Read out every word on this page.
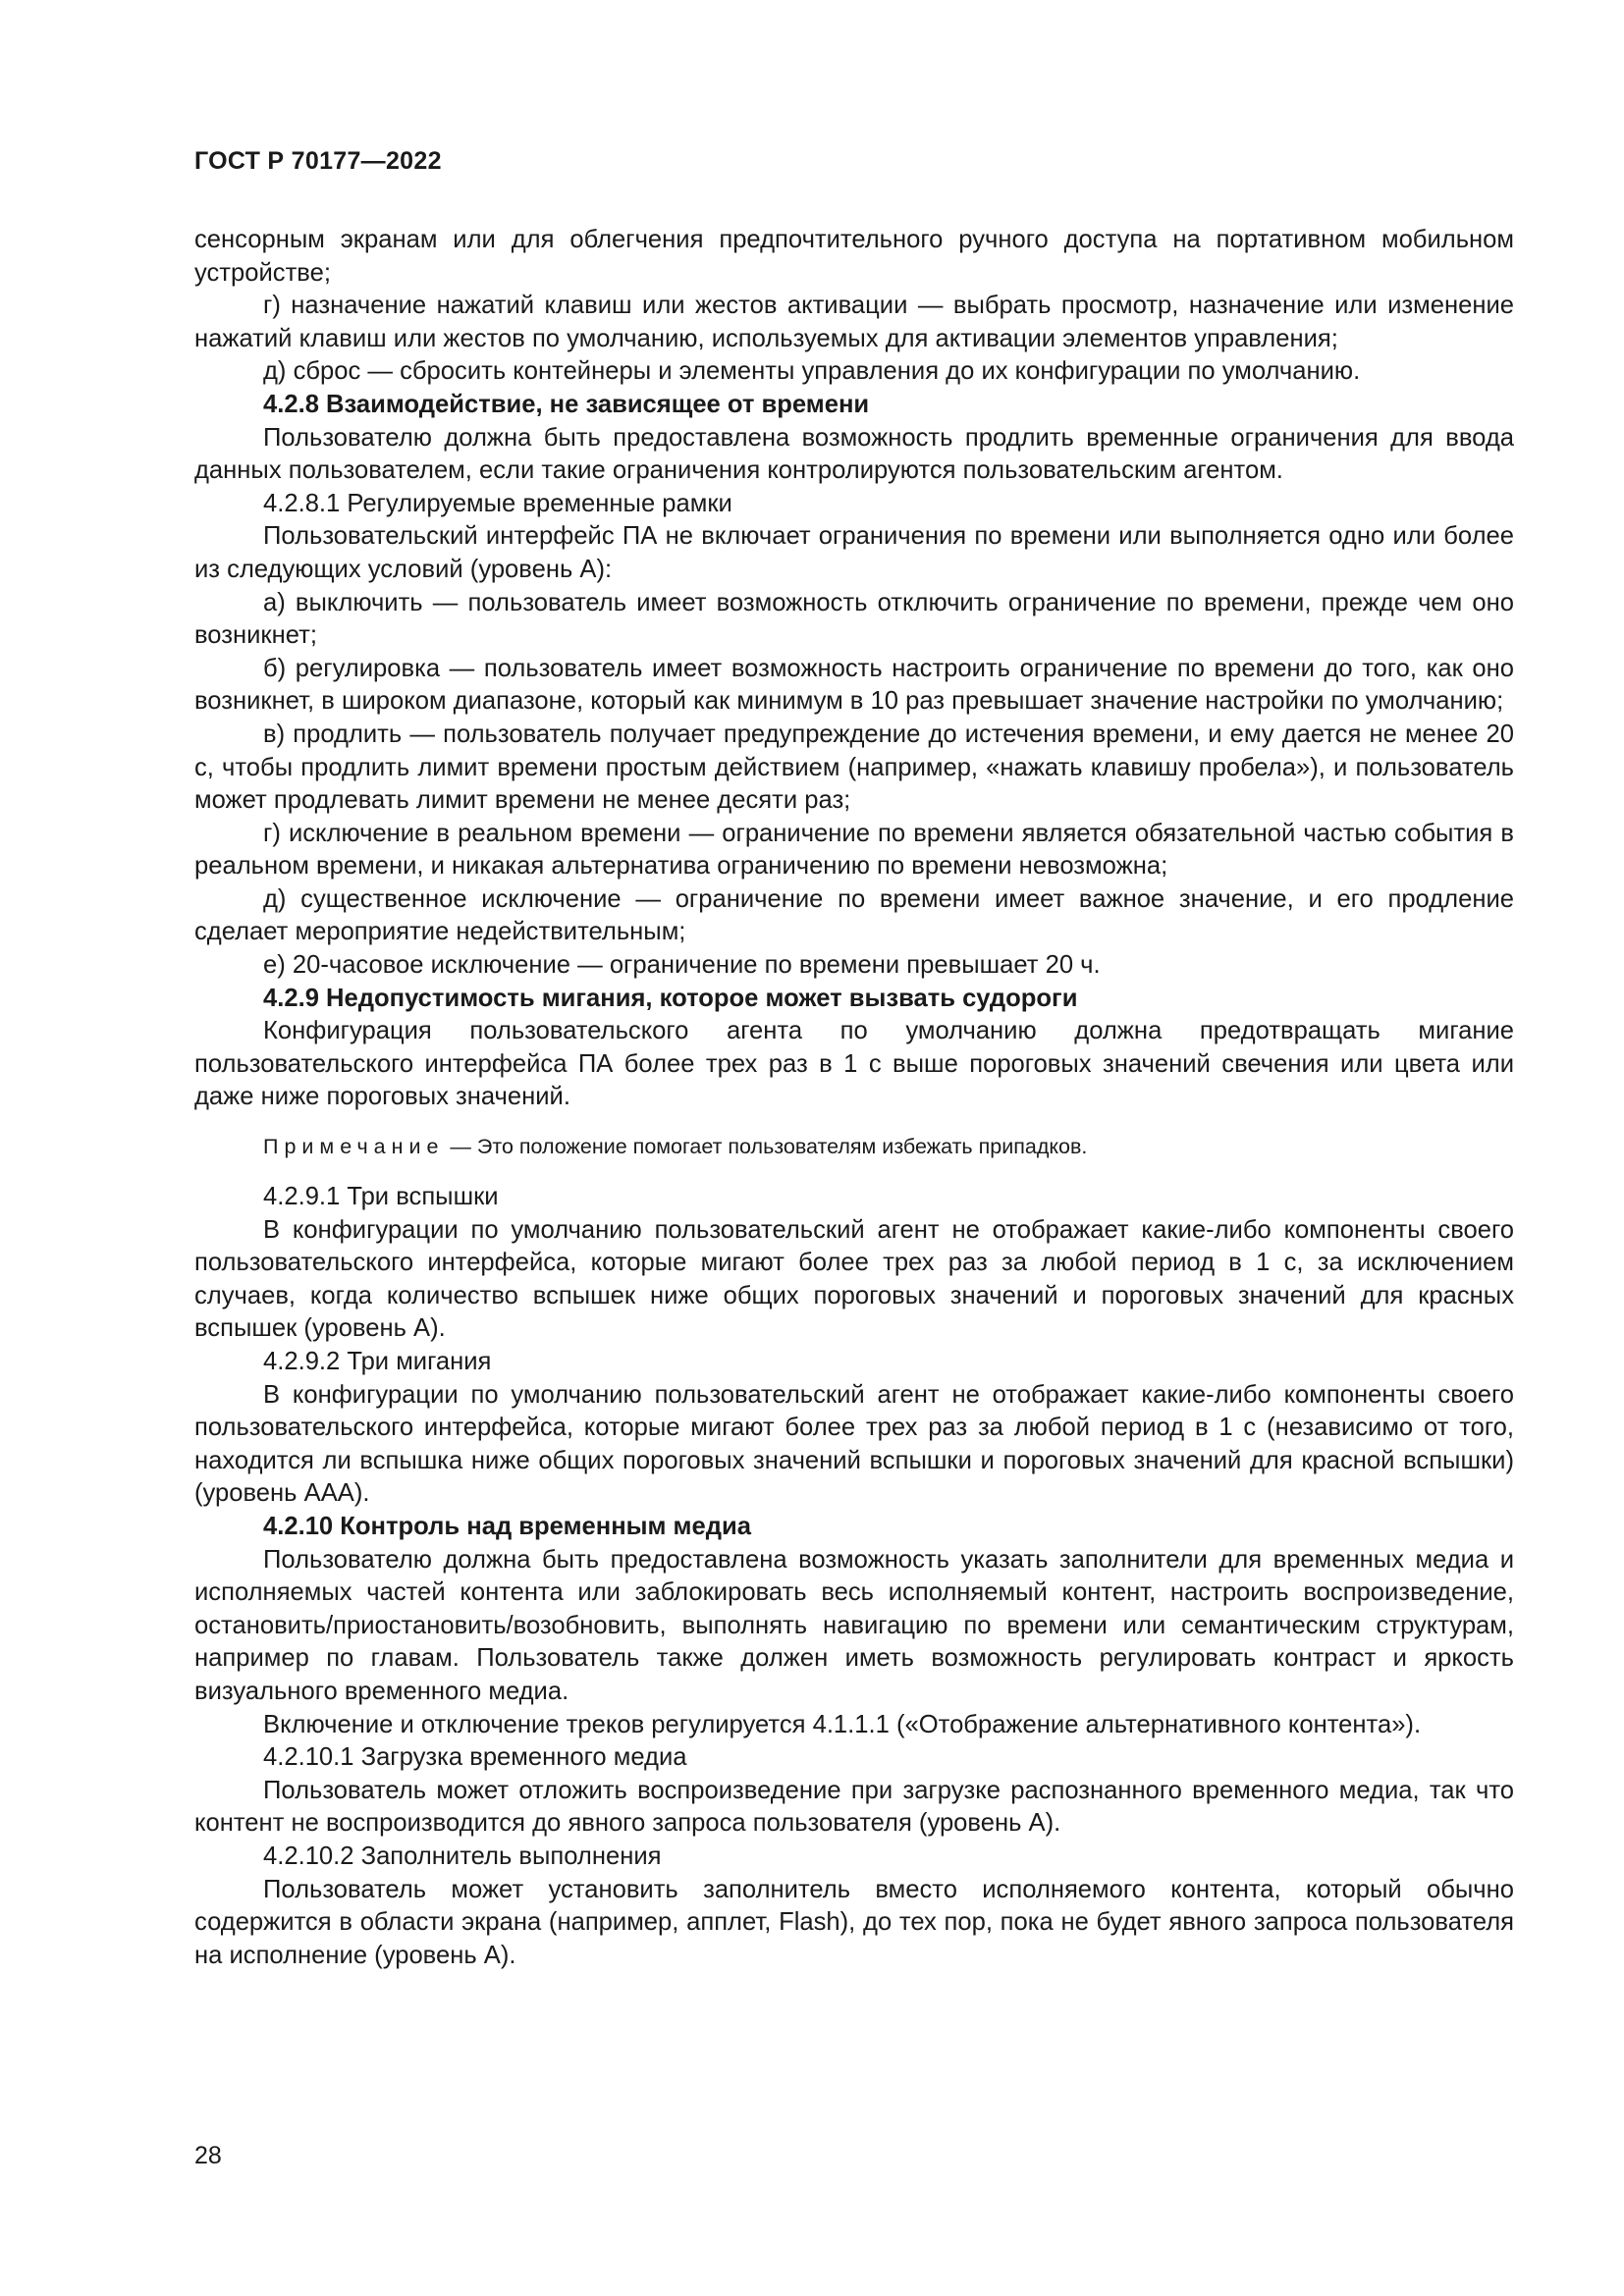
ГОСТ Р 70177—2022

сенсорным экранам или для облегчения предпочтительного ручного доступа на портативном мобильном устройстве;

г) назначение нажатий клавиш или жестов активации — выбрать просмотр, назначение или изменение нажатий клавиш или жестов по умолчанию, используемых для активации элементов управления;

д) сброс — сбросить контейнеры и элементы управления до их конфигурации по умолчанию.

4.2.8 Взаимодействие, не зависящее от времени

Пользователю должна быть предоставлена возможность продлить временные ограничения для ввода данных пользователем, если такие ограничения контролируются пользовательским агентом.

4.2.8.1 Регулируемые временные рамки

Пользовательский интерфейс ПА не включает ограничения по времени или выполняется одно или более из следующих условий (уровень А):

а) выключить — пользователь имеет возможность отключить ограничение по времени, прежде чем оно возникнет;

б) регулировка — пользователь имеет возможность настроить ограничение по времени до того, как оно возникнет, в широком диапазоне, который как минимум в 10 раз превышает значение настройки по умолчанию;

в) продлить — пользователь получает предупреждение до истечения времени, и ему дается не менее 20 с, чтобы продлить лимит времени простым действием (например, «нажать клавишу пробела»), и пользователь может продлевать лимит времени не менее десяти раз;

г) исключение в реальном времени — ограничение по времени является обязательной частью события в реальном времени, и никакая альтернатива ограничению по времени невозможна;

д) существенное исключение — ограничение по времени имеет важное значение, и его продление сделает мероприятие недействительным;

е) 20-часовое исключение — ограничение по времени превышает 20 ч.

4.2.9 Недопустимость мигания, которое может вызвать судороги

Конфигурация пользовательского агента по умолчанию должна предотвращать мигание пользовательского интерфейса ПА более трех раз в 1 с выше пороговых значений свечения или цвета или даже ниже пороговых значений.

Примечание — Это положение помогает пользователям избежать припадков.

4.2.9.1 Три вспышки

В конфигурации по умолчанию пользовательский агент не отображает какие-либо компоненты своего пользовательского интерфейса, которые мигают более трех раз за любой период в 1 с, за исключением случаев, когда количество вспышек ниже общих пороговых значений и пороговых значений для красных вспышек (уровень А).

4.2.9.2 Три мигания

В конфигурации по умолчанию пользовательский агент не отображает какие-либо компоненты своего пользовательского интерфейса, которые мигают более трех раз за любой период в 1 с (независимо от того, находится ли вспышка ниже общих пороговых значений вспышки и пороговых значений для красной вспышки) (уровень ААА).

4.2.10 Контроль над временным медиа

Пользователю должна быть предоставлена возможность указать заполнители для временных медиа и исполняемых частей контента или заблокировать весь исполняемый контент, настроить воспроизведение, остановить/приостановить/возобновить, выполнять навигацию по времени или семантическим структурам, например по главам. Пользователь также должен иметь возможность регулировать контраст и яркость визуального временного медиа.

Включение и отключение треков регулируется 4.1.1.1 («Отображение альтернативного контента»).

4.2.10.1 Загрузка временного медиа

Пользователь может отложить воспроизведение при загрузке распознанного временного медиа, так что контент не воспроизводится до явного запроса пользователя (уровень А).

4.2.10.2 Заполнитель выполнения

Пользователь может установить заполнитель вместо исполняемого контента, который обычно содержится в области экрана (например, апплет, Flash), до тех пор, пока не будет явного запроса пользователя на исполнение (уровень А).

28
